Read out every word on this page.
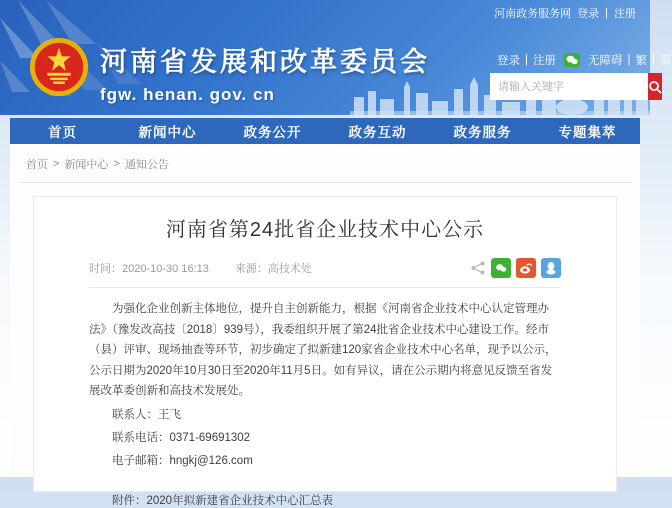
河南政务服务网 登录 | 注册
河南省发展和改革委员会
fgw. henan. gov. cn
登录 | 注册	无障碍 | 繁 | 简
请输入关键字
首页	新闻中心	政务公开	政务互动	政务服务	专题集萃
首页 > 新闻中心 > 通知公告
河南省第24批省企业技术中心公示
时间：2020-10-30 16:13 来源：高技术处

为强化企业创新主体地位，提升自主创新能力，根据《河南省企业技术中心认定管理办法》（豫发改高技〔2018〕939号），我委组织开展了第24批省企业技术中心建设工作。经市（县）评审、现场抽查等环节，初步确定了拟新建120家省企业技术中心名单，现予以公示，公示日期为2020年10月30日至2020年11月5日。如有异议，请在公示期内将意见反馈至省发展改革委创新和高技术发展处。

联系人：王飞
联系电话：0371-69691302
电子邮箱：hngkj@126.com
附件：2020年拟新建省企业技术中心汇总表
